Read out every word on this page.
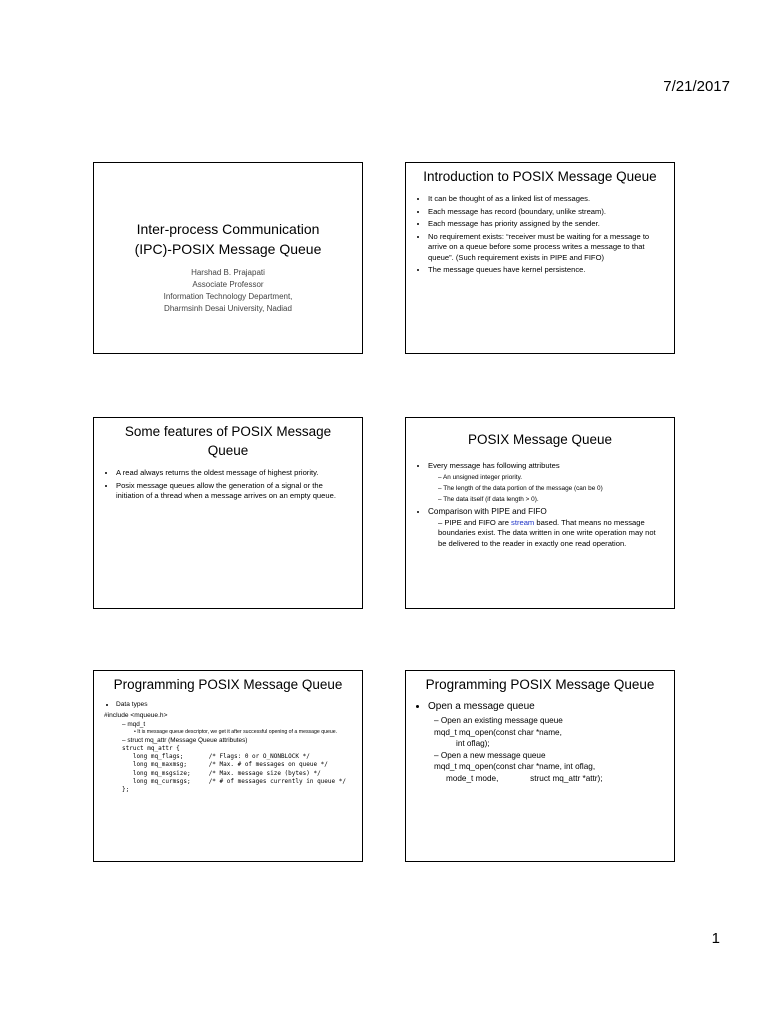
7/21/2017
Inter-process Communication
(IPC)-POSIX Message Queue
Harshad B. Prajapati
Associate Professor
Information Technology Department,
Dharmsinh Desai University, Nadiad
Introduction to POSIX Message Queue
• It can be thought of as a linked list of messages.
• Each message has record (boundary, unlike stream).
• Each message has priority assigned by the sender.
• No requirement exists: “receiver must be waiting for a message to arrive on a queue before some process writes a message to that queue”. (Such requirement exists in PIPE and FIFO)
• The message queues have kernel persistence.
Some features of POSIX Message Queue
• A read always returns the oldest message of highest priority.
• Posix message queues allow the generation of a signal or the initiation of a thread when a message arrives on an empty queue.
POSIX Message Queue
• Every message has following attributes
– An unsigned integer priority.
– The length of the data portion of the message (can be 0)
– The data itself (if data length > 0).
• Comparison with PIPE and FIFO
– PIPE and FIFO are stream based. That means no message boundaries exist. The data written in one write operation may not be delivered to the reader in exactly one read operation.
Programming POSIX Message Queue
• Data types
#include <mqueue.h>
– mqd_t
• It is message queue descriptor, we get it after successful opening of a message queue.
– struct mq_attr (Message Queue attributes)
struct mq_attr {
long mq_flags;       /* Flags: 0 or O_NONBLOCK */
long mq_maxmsg;      /* Max. # of messages on queue */
long mq_msgsize;     /* Max. message size (bytes) */
long mq_curmsgs;     /* # of messages currently in queue */
};
Programming POSIX Message Queue
• Open a message queue
– Open an existing message queue
mqd_t mq_open(const char *name,
int oflag);
– Open a new message queue
mqd_t mq_open(const char *name, int oflag,
mode_t mode,              struct mq_attr *attr);
1
